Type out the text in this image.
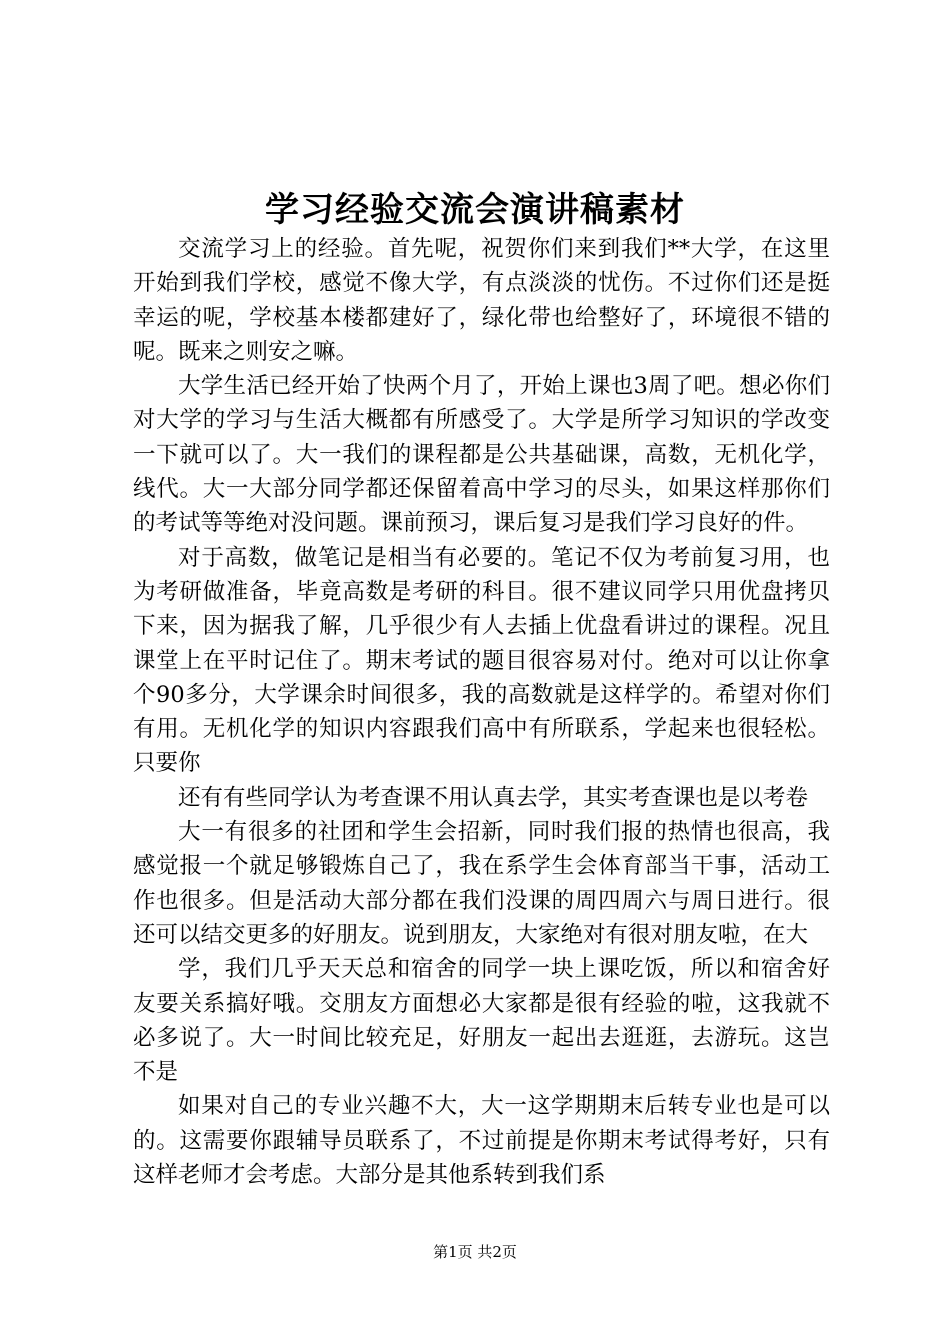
学习经验交流会演讲稿素材

交流学习上的经验。首先呢，祝贺你们来到我们**大学，在这里开始到我们学校，感觉不像大学，有点淡淡的忧伤。不过你们还是挺幸运的呢，学校基本楼都建好了，绿化带也给整好了，环境很不错的呢。既来之则安之嘛。

大学生活已经开始了快两个月了，开始上课也3周了吧。想必你们对大学的学习与生活大概都有所感受了。大学是所学习知识的学改变一下就可以了。大一我们的课程都是公共基础课，高数，无机化学，线代。大一大部分同学都还保留着高中学习的尽头，如果这样那你们的考试等等绝对没问题。课前预习，课后复习是我们学习良好的件。

对于高数，做笔记是相当有必要的。笔记不仅为考前复习用，也为考研做准备，毕竟高数是考研的科目。很不建议同学只用优盘拷贝下来，因为据我了解，几乎很少有人去插上优盘看讲过的课程。况且课堂上在平时记住了。期末考试的题目很容易对付。绝对可以让你拿个90多分，大学课余时间很多，我的高数就是这样学的。希望对你们有用。无机化学的知识内容跟我们高中有所联系，学起来也很轻松。只要你

还有有些同学认为考查课不用认真去学，其实考查课也是以考卷

大一有很多的社团和学生会招新，同时我们报的热情也很高，我感觉报一个就足够锻炼自己了，我在系学生会体育部当干事，活动工作也很多。但是活动大部分都在我们没课的周四周六与周日进行。很还可以结交更多的好朋友。说到朋友，大家绝对有很对朋友啦，在大

学，我们几乎天天总和宿舍的同学一块上课吃饭，所以和宿舍好友要关系搞好哦。交朋友方面想必大家都是很有经验的啦，这我就不必多说了。大一时间比较充足，好朋友一起出去逛逛，去游玩。这岂不是

如果对自己的专业兴趣不大，大一这学期期末后转专业也是可以的。这需要你跟辅导员联系了，不过前提是你期末考试得考好，只有这样老师才会考虑。大部分是其他系转到我们系

第1页 共2页
